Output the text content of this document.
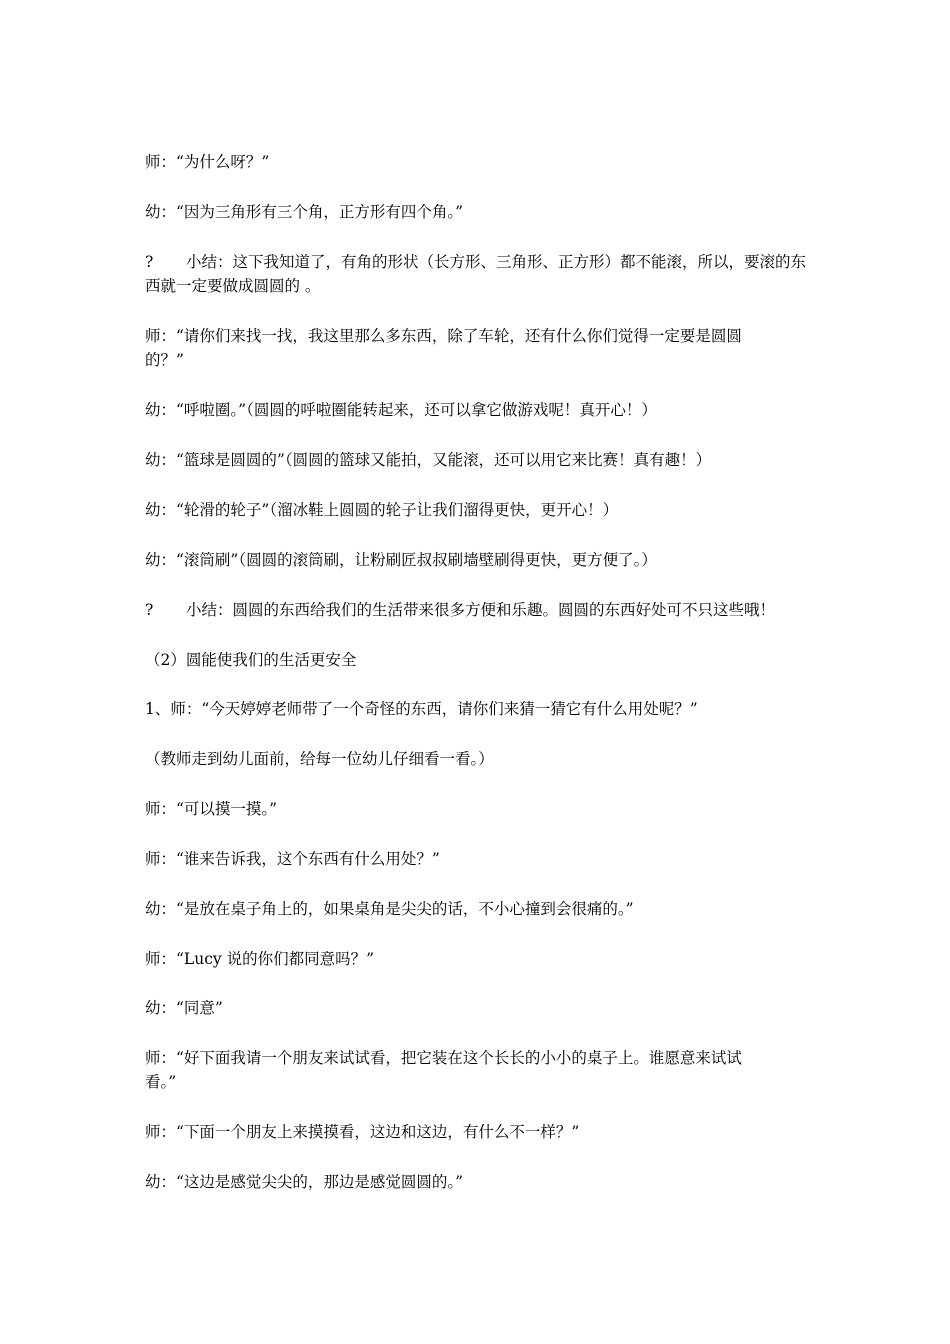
师：“为什么呀？”
幼：“因为三角形有三个角，正方形有四个角。”
?	小结：这下我知道了，有角的形状（长方形、三角形、正方形）都不能滚，所以，要滚的东
西就一定要做成圆圆的 。
师：“请你们来找一找，我这里那么多东西，除了车轮，还有什么你们觉得一定要是圆圆
的？”
幼：“呼啦圈。”（圆圆的呼啦圈能转起来，还可以拿它做游戏呢！真开心！）
幼：“篮球是圆圆的”（圆圆的篮球又能拍，又能滚，还可以用它来比赛！真有趣！）
幼：“轮滑的轮子”（溜冰鞋上圆圆的轮子让我们溜得更快，更开心！）
幼：“滚筒刷”（圆圆的滚筒刷，让粉刷匠叔叔刷墙壁刷得更快，更方便了。）
?	小结：圆圆的东西给我们的生活带来很多方便和乐趣。圆圆的东西好处可不只这些哦！
（2）圆能使我们的生活更安全
1、师：“今天婷婷老师带了一个奇怪的东西，请你们来猜一猜它有什么用处呢？”
（教师走到幼儿面前，给每一位幼儿仔细看一看。）
师：“可以摸一摸。”
师：“谁来告诉我，这个东西有什么用处？”
幼：“是放在桌子角上的，如果桌角是尖尖的话，不小心撞到会很痛的。”
师：“Lucy 说的你们都同意吗？”
幼：“同意”
师：“好下面我请一个朋友来试试看，把它装在这个长长的小小的桌子上。谁愿意来试试
看。”
师：“下面一个朋友上来摸摸看，这边和这边，有什么不一样？”
幼：“这边是感觉尖尖的，那边是感觉圆圆的。”
